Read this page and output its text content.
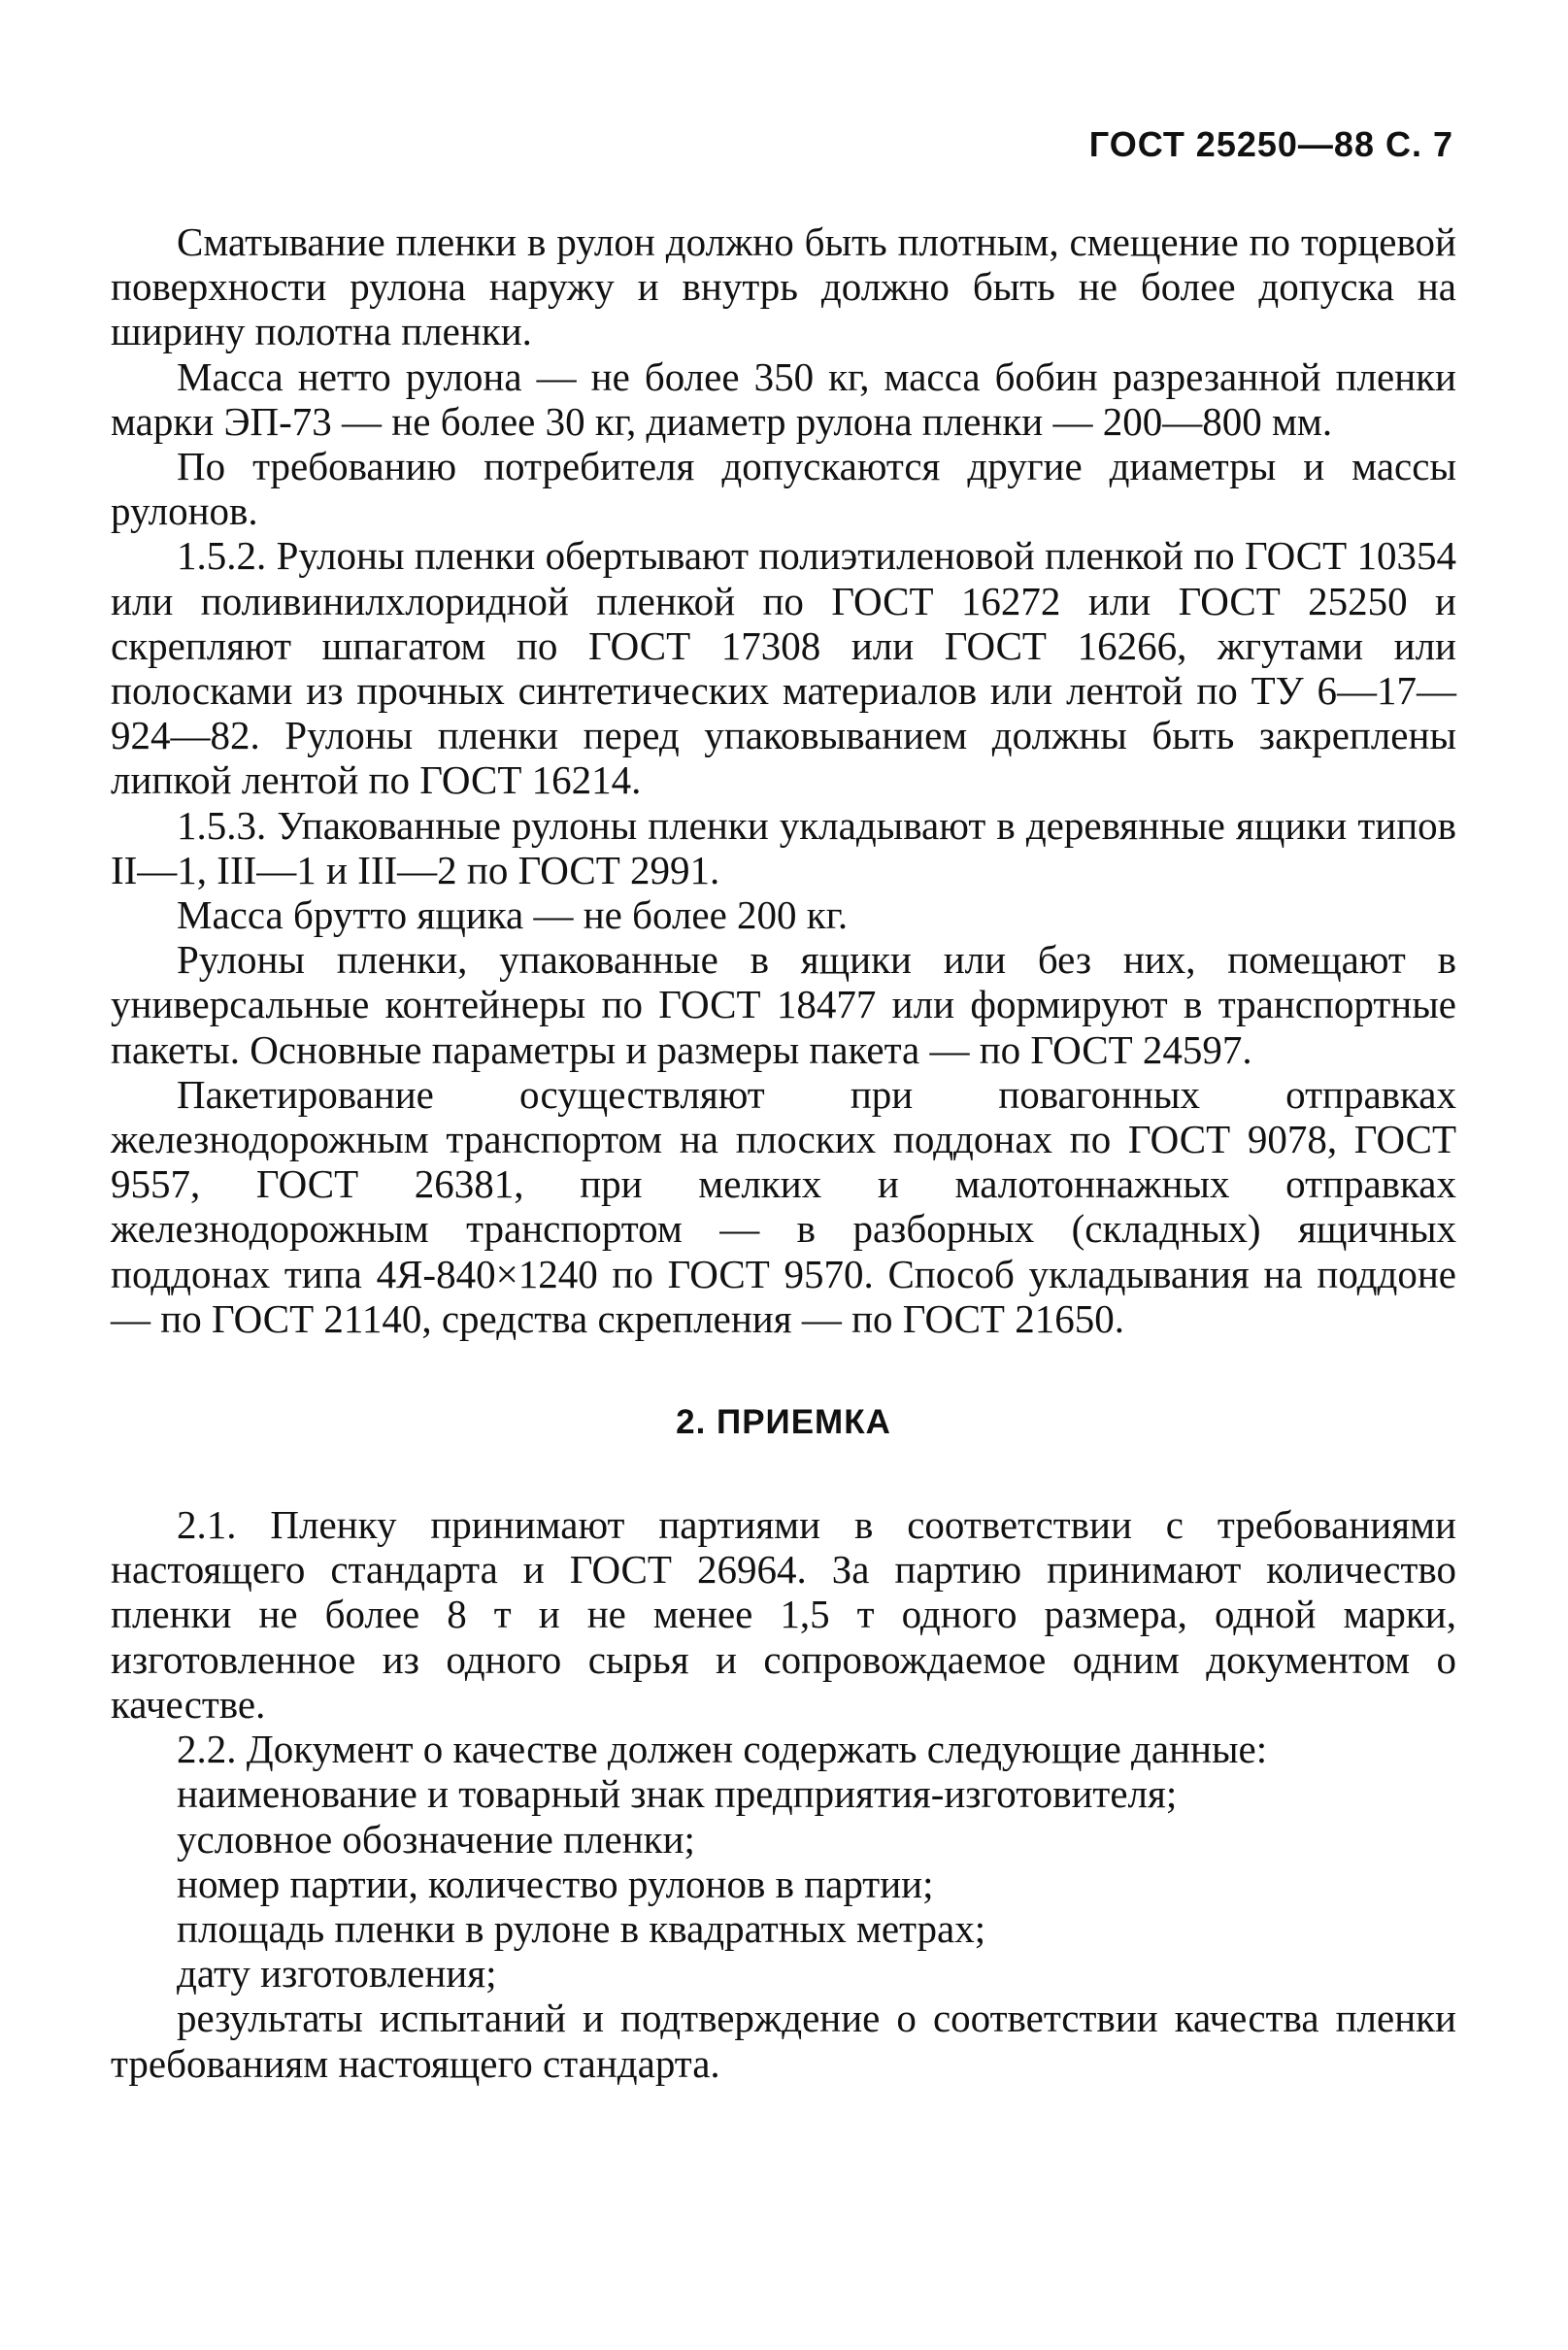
ГОСТ 25250—88 С. 7

Сматывание пленки в рулон должно быть плотным, смещение по торцевой поверхности рулона наружу и внутрь должно быть не более допуска на ширину полотна пленки.

Масса нетто рулона — не более 350 кг, масса бобин разрезанной пленки марки ЭП-73 — не более 30 кг, диаметр рулона пленки — 200—800 мм.

По требованию потребителя допускаются другие диаметры и массы рулонов.

1.5.2. Рулоны пленки обертывают полиэтиленовой пленкой по ГОСТ 10354 или поливинилхлоридной пленкой по ГОСТ 16272 или ГОСТ 25250 и скрепляют шпагатом по ГОСТ 17308 или ГОСТ 16266, жгутами или полосками из прочных синтетических материалов или лентой по ТУ 6—17—924—82. Рулоны пленки перед упаковыванием должны быть закреплены липкой лентой по ГОСТ 16214.

1.5.3. Упакованные рулоны пленки укладывают в деревянные ящики типов II—1, III—1 и III—2 по ГОСТ 2991.

Масса брутто ящика — не более 200 кг.

Рулоны пленки, упакованные в ящики или без них, помещают в универсальные контейнеры по ГОСТ 18477 или формируют в транспортные пакеты. Основные параметры и размеры пакета — по ГОСТ 24597.

Пакетирование осуществляют при повагонных отправках железнодорожным транспортом на плоских поддонах по ГОСТ 9078, ГОСТ 9557, ГОСТ 26381, при мелких и малотоннажных отправках железнодорожным транспортом — в разборных (складных) ящичных поддонах типа 4Я-840×1240 по ГОСТ 9570. Способ укладывания на поддоне — по ГОСТ 21140, средства скрепления — по ГОСТ 21650.

2. ПРИЕМКА

2.1. Пленку принимают партиями в соответствии с требованиями настоящего стандарта и ГОСТ 26964. За партию принимают количество пленки не более 8 т и не менее 1,5 т одного размера, одной марки, изготовленное из одного сырья и сопровождаемое одним документом о качестве.

2.2. Документ о качестве должен содержать следующие данные:

наименование и товарный знак предприятия-изготовителя;

условное обозначение пленки;

номер партии, количество рулонов в партии;

площадь пленки в рулоне в квадратных метрах;

дату изготовления;

результаты испытаний и подтверждение о соответствии качества пленки требованиям настоящего стандарта.
